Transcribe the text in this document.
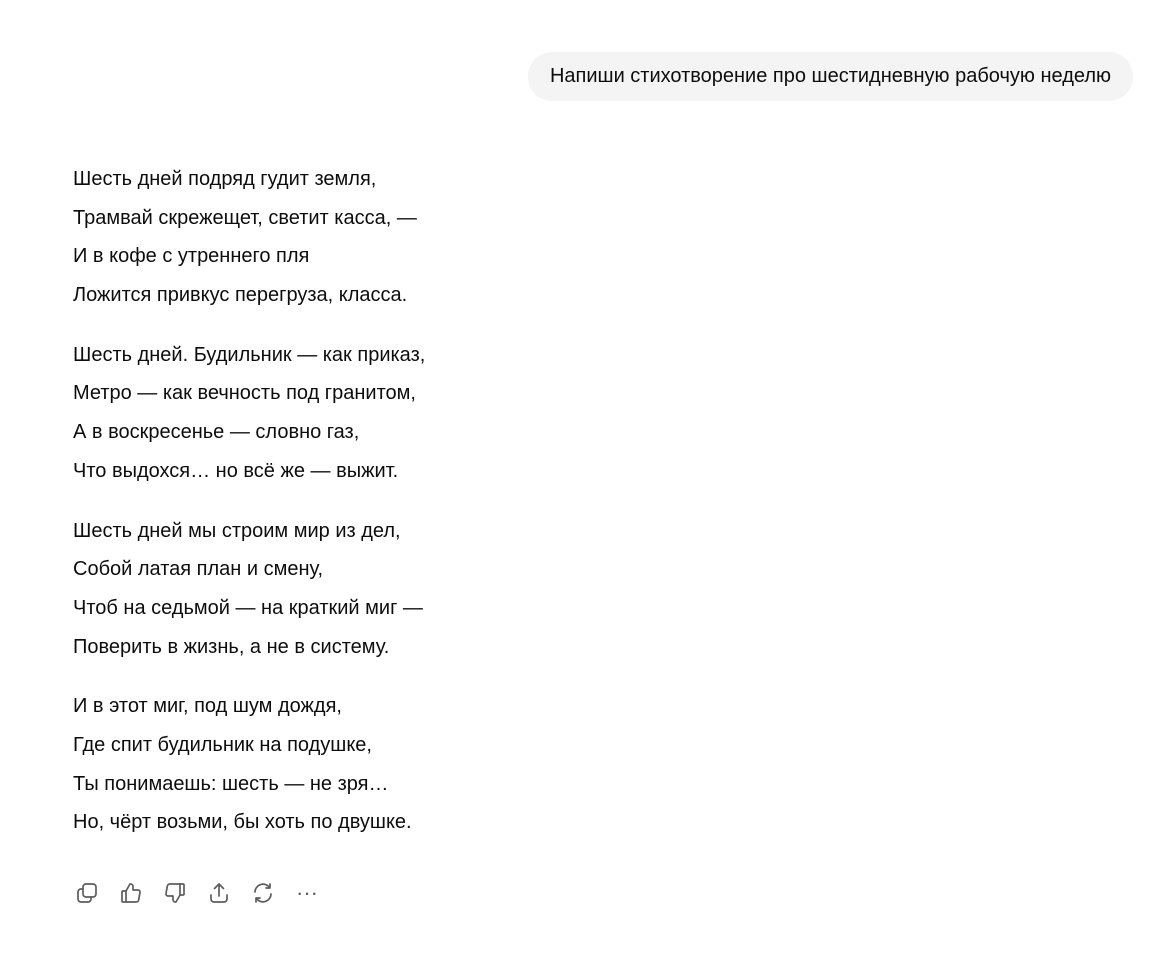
Напиши стихотворение про шестидневную рабочую неделю
Шесть дней подряд гудит земля,
Трамвай скрежещет, светит касса, —
И в кофе с утреннего пля
Ложится привкус перегруза, класса.
Шесть дней. Будильник — как приказ,
Метро — как вечность под гранитом,
А в воскресенье — словно газ,
Что выдохся… но всё же — выжит.
Шесть дней мы строим мир из дел,
Собой латая план и смену,
Чтоб на седьмой — на краткий миг —
Поверить в жизнь, а не в систему.
И в этот миг, под шум дождя,
Где спит будильник на подушке,
Ты понимаешь: шесть — не зря…
Но, чёрт возьми, бы хоть по двушке.
···
